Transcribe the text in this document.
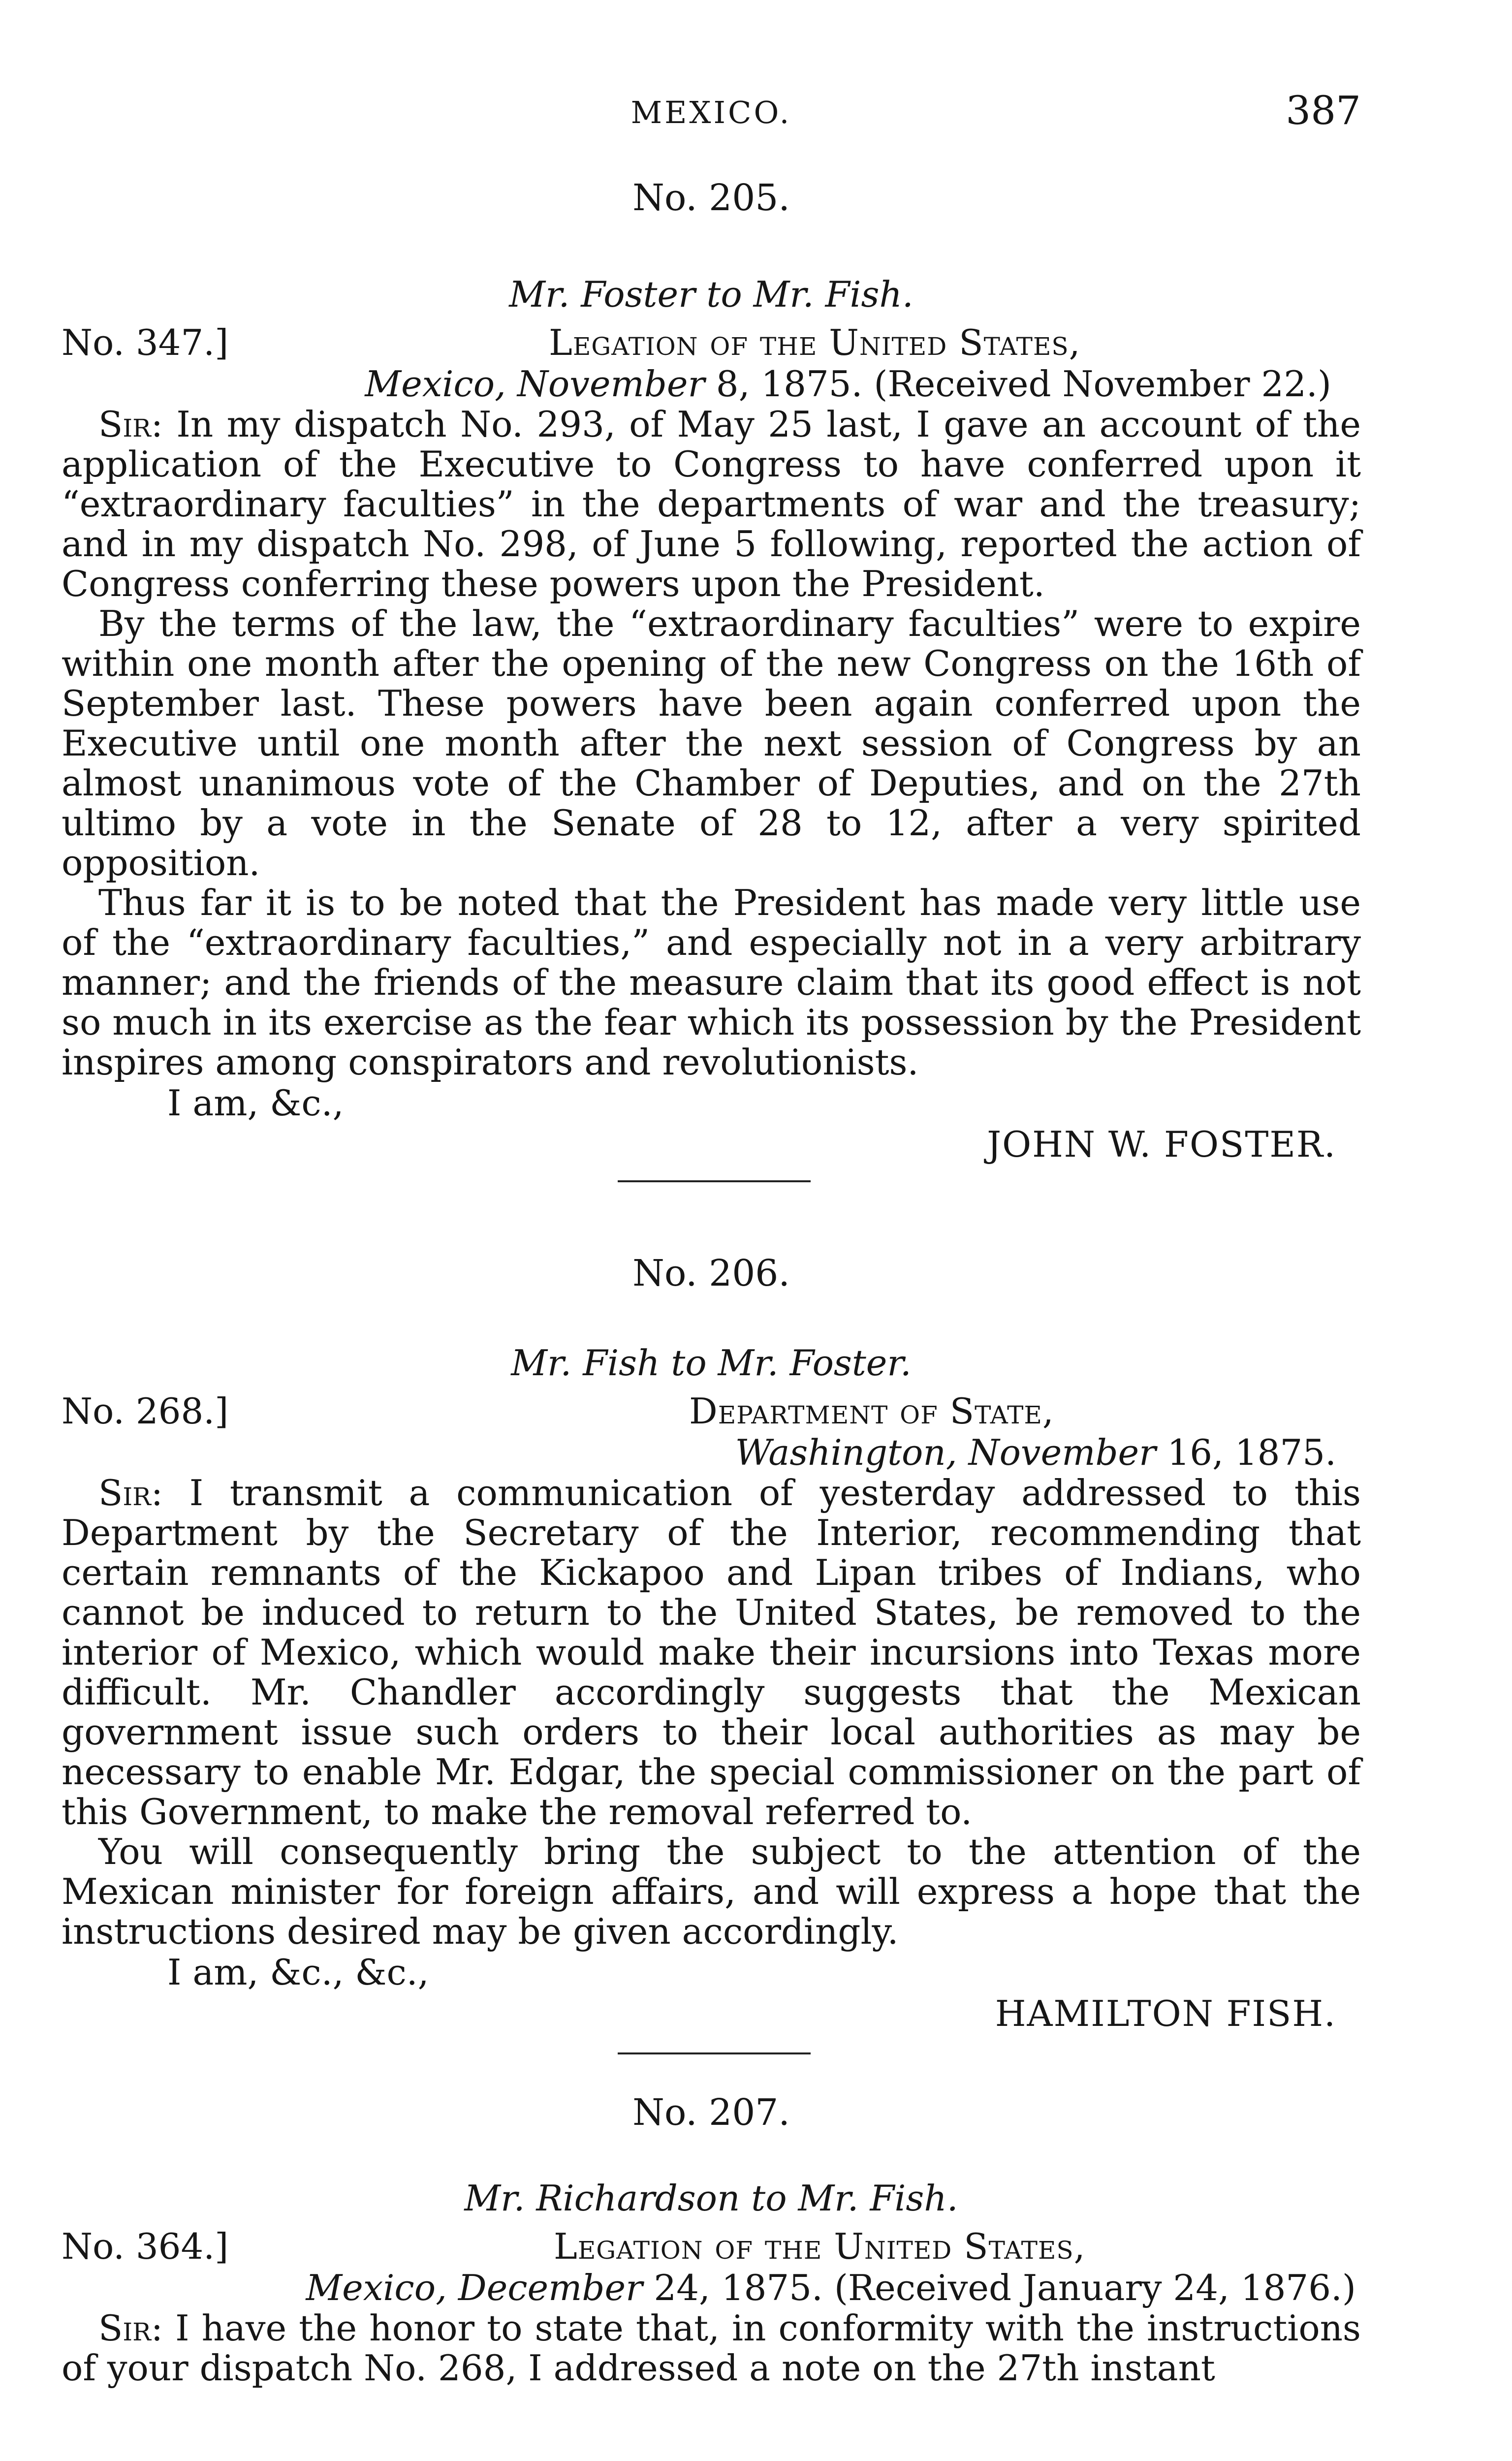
MEXICO.	387
No. 205.
Mr. Foster to Mr. Fish.
No. 347.]	Legation of the United States,
Mexico, November 8, 1875. (Received November 22.)

Sir: In my dispatch No. 293, of May 25 last, I gave an account of the application of the Executive to Congress to have conferred upon it “extraordinary faculties” in the departments of war and the treasury; and in my dispatch No. 298, of June 5 following, reported the action of Congress conferring these powers upon the President.

By the terms of the law, the “extraordinary faculties” were to expire within one month after the opening of the new Congress on the 16th of September last. These powers have been again conferred upon the Executive until one month after the next session of Congress by an almost unanimous vote of the Chamber of Deputies, and on the 27th ultimo by a vote in the Senate of 28 to 12, after a very spirited opposition.

Thus far it is to be noted that the President has made very little use of the “extraordinary faculties,” and especially not in a very arbitrary manner; and the friends of the measure claim that its good effect is not so much in its exercise as the fear which its possession by the President inspires among conspirators and revolutionists.

I am, &c.,
JOHN W. FOSTER.
No. 206.
Mr. Fish to Mr. Foster.
No. 268.]	Department of State,
Washington, November 16, 1875.

Sir: I transmit a communication of yesterday addressed to this Department by the Secretary of the Interior, recommending that certain remnants of the Kickapoo and Lipan tribes of Indians, who cannot be induced to return to the United States, be removed to the interior of Mexico, which would make their incursions into Texas more difficult. Mr. Chandler accordingly suggests that the Mexican government issue such orders to their local authorities as may be necessary to enable Mr. Edgar, the special commissioner on the part of this Government, to make the removal referred to.

You will consequently bring the subject to the attention of the Mexican minister for foreign affairs, and will express a hope that the instructions desired may be given accordingly.

I am, &c., &c.,
HAMILTON FISH.
No. 207.
Mr. Richardson to Mr. Fish.
No. 364.]	Legation of the United States,
Mexico, December 24, 1875. (Received January 24, 1876.)

Sir: I have the honor to state that, in conformity with the instructions of your dispatch No. 268, I addressed a note on the 27th instant
